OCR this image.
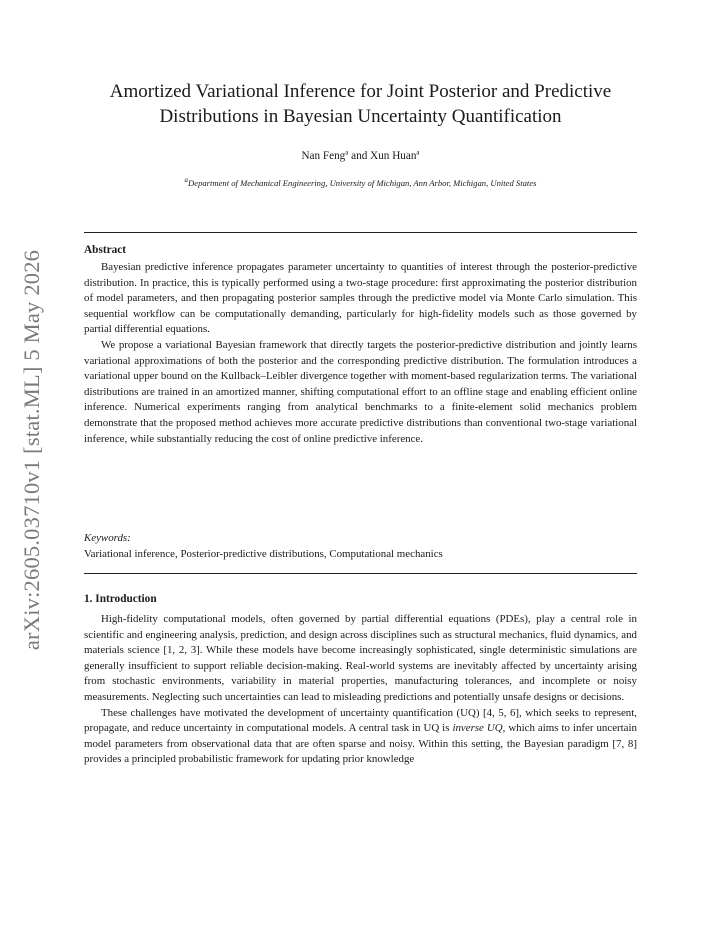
arXiv:2605.03710v1 [stat.ML] 5 May 2026
Amortized Variational Inference for Joint Posterior and Predictive
Distributions in Bayesian Uncertainty Quantification

Nan Feng$^a$ and Xun Huan$^a$

$^a$Department of Mechanical Engineering, University of Michigan, Ann Arbor, Michigan, United States

Abstract

Bayesian predictive inference propagates parameter uncertainty to quantities of interest through the posterior-predictive distribution. In practice, this is typically performed using a two-stage procedure: first approximating the posterior distribution of model parameters, and then propagating posterior samples through the predictive model via Monte Carlo simulation. This sequential workflow can be computationally demanding, particularly for high-fidelity models such as those governed by partial differential equations.

We propose a variational Bayesian framework that directly targets the posterior-predictive distribution and jointly learns variational approximations of both the posterior and the corresponding predictive distribution. The formulation introduces a variational upper bound on the Kullback–Leibler divergence together with moment-based regularization terms. The variational distributions are trained in an amortized manner, shifting computational effort to an offline stage and enabling efficient online inference. Numerical experiments ranging from analytical benchmarks to a finite-element solid mechanics problem demonstrate that the proposed method achieves more accurate predictive distributions than conventional two-stage variational inference, while substantially reducing the cost of online predictive inference.

Keywords:
Variational inference, Posterior-predictive distributions, Computational mechanics
1. Introduction

High-fidelity computational models, often governed by partial differential equations (PDEs), play a central role in scientific and engineering analysis, prediction, and design across disciplines such as structural mechanics, fluid dynamics, and materials science [1, 2, 3]. While these models have become increasingly sophisticated, single deterministic simulations are generally insufficient to support reliable decision-making. Real-world systems are inevitably affected by uncertainty arising from stochastic environments, variability in material properties, manufacturing tolerances, and incomplete or noisy measurements. Neglecting such uncertainties can lead to misleading predictions and potentially unsafe designs or decisions.

These challenges have motivated the development of uncertainty quantification (UQ) [4, 5, 6], which seeks to represent, propagate, and reduce uncertainty in computational models. A central task in UQ is inverse UQ, which aims to infer uncertain model parameters from observational data that are often sparse and noisy. Within this setting, the Bayesian paradigm [7, 8] provides a principled probabilistic framework for updating prior knowledge
